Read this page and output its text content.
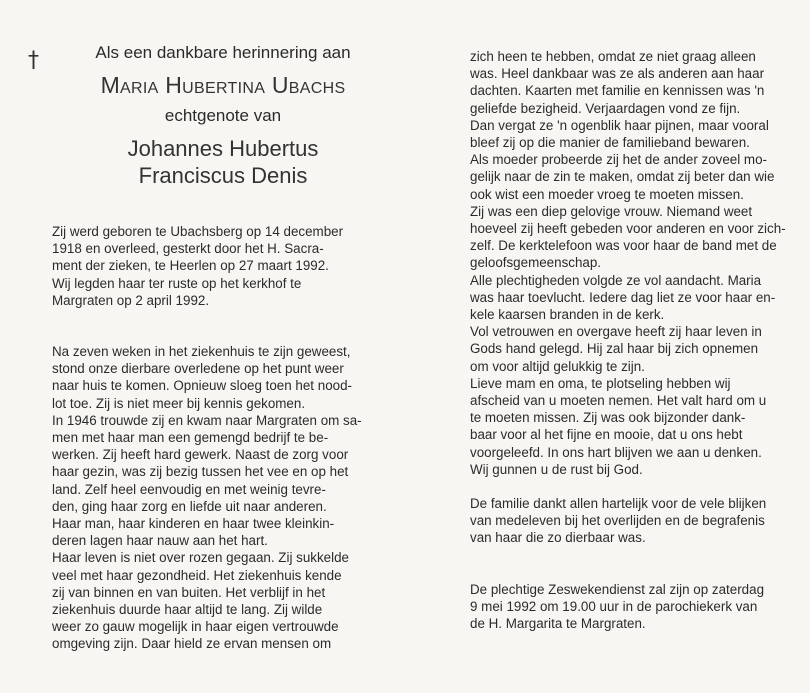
†	Als een dankbare herinnering aan

Maria Hubertina Ubachs

echtgenote van

Johannes Hubertus

Franciscus Denis

Zij werd geboren te Ubachsberg op 14 december

1918 en overleed, gesterkt door het H. Sacra-

ment der zieken, te Heerlen op 27 maart 1992.

Wij legden haar ter ruste op het kerkhof te

Margraten op 2 april 1992.

Na zeven weken in het ziekenhuis te zijn geweest,

stond onze dierbare overledene op het punt weer

naar huis te komen. Opnieuw sloeg toen het nood-

lot toe. Zij is niet meer bij kennis gekomen.

In 1946 trouwde zij en kwam naar Margraten om sa-

men met haar man een gemengd bedrijf te be-

werken. Zij heeft hard gewerk. Naast de zorg voor

haar gezin, was zij bezig tussen het vee en op het

land. Zelf heel eenvoudig en met weinig tevre-

den, ging haar zorg en liefde uit naar anderen.

Haar man, haar kinderen en haar twee kleinkin-

deren lagen haar nauw aan het hart.

Haar leven is niet over rozen gegaan. Zij sukkelde

veel met haar gezondheid. Het ziekenhuis kende

zij van binnen en van buiten. Het verblijf in het

ziekenhuis duurde haar altijd te lang. Zij wilde

weer zo gauw mogelijk in haar eigen vertrouwde

omgeving zijn. Daar hield ze ervan mensen om

zich heen te hebben, omdat ze niet graag alleen

was. Heel dankbaar was ze als anderen aan haar

dachten. Kaarten met familie en kennissen was 'n

geliefde bezigheid. Verjaardagen vond ze fijn.

Dan vergat ze 'n ogenblik haar pijnen, maar vooral

bleef zij op die manier de familieband bewaren.

Als moeder probeerde zij het de ander zoveel mo-

gelijk naar de zin te maken, omdat zij beter dan wie

ook wist een moeder vroeg te moeten missen.

Zij was een diep gelovige vrouw. Niemand weet

hoeveel zij heeft gebeden voor anderen en voor zich-

zelf. De kerktelefoon was voor haar de band met de

geloofsgemeenschap.

Alle plechtigheden volgde ze vol aandacht. Maria

was haar toevlucht. Iedere dag liet ze voor haar en-

kele kaarsen branden in de kerk.

Vol vetrouwen en overgave heeft zij haar leven in

Gods hand gelegd. Hij zal haar bij zich opnemen

om voor altijd gelukkig te zijn.

Lieve mam en oma, te plotseling hebben wij

afscheid van u moeten nemen. Het valt hard om u

te moeten missen. Zij was ook bijzonder dank-

baar voor al het fijne en mooie, dat u ons hebt

voorgeleefd. In ons hart blijven we aan u denken.

Wij gunnen u de rust bij God.

De familie dankt allen hartelijk voor de vele blijken

van medeleven bij het overlijden en de begrafenis

van haar die zo dierbaar was.

De plechtige Zeswekendienst zal zijn op zaterdag

9 mei 1992 om 19.00 uur in de parochiekerk van

de H. Margarita te Margraten.
